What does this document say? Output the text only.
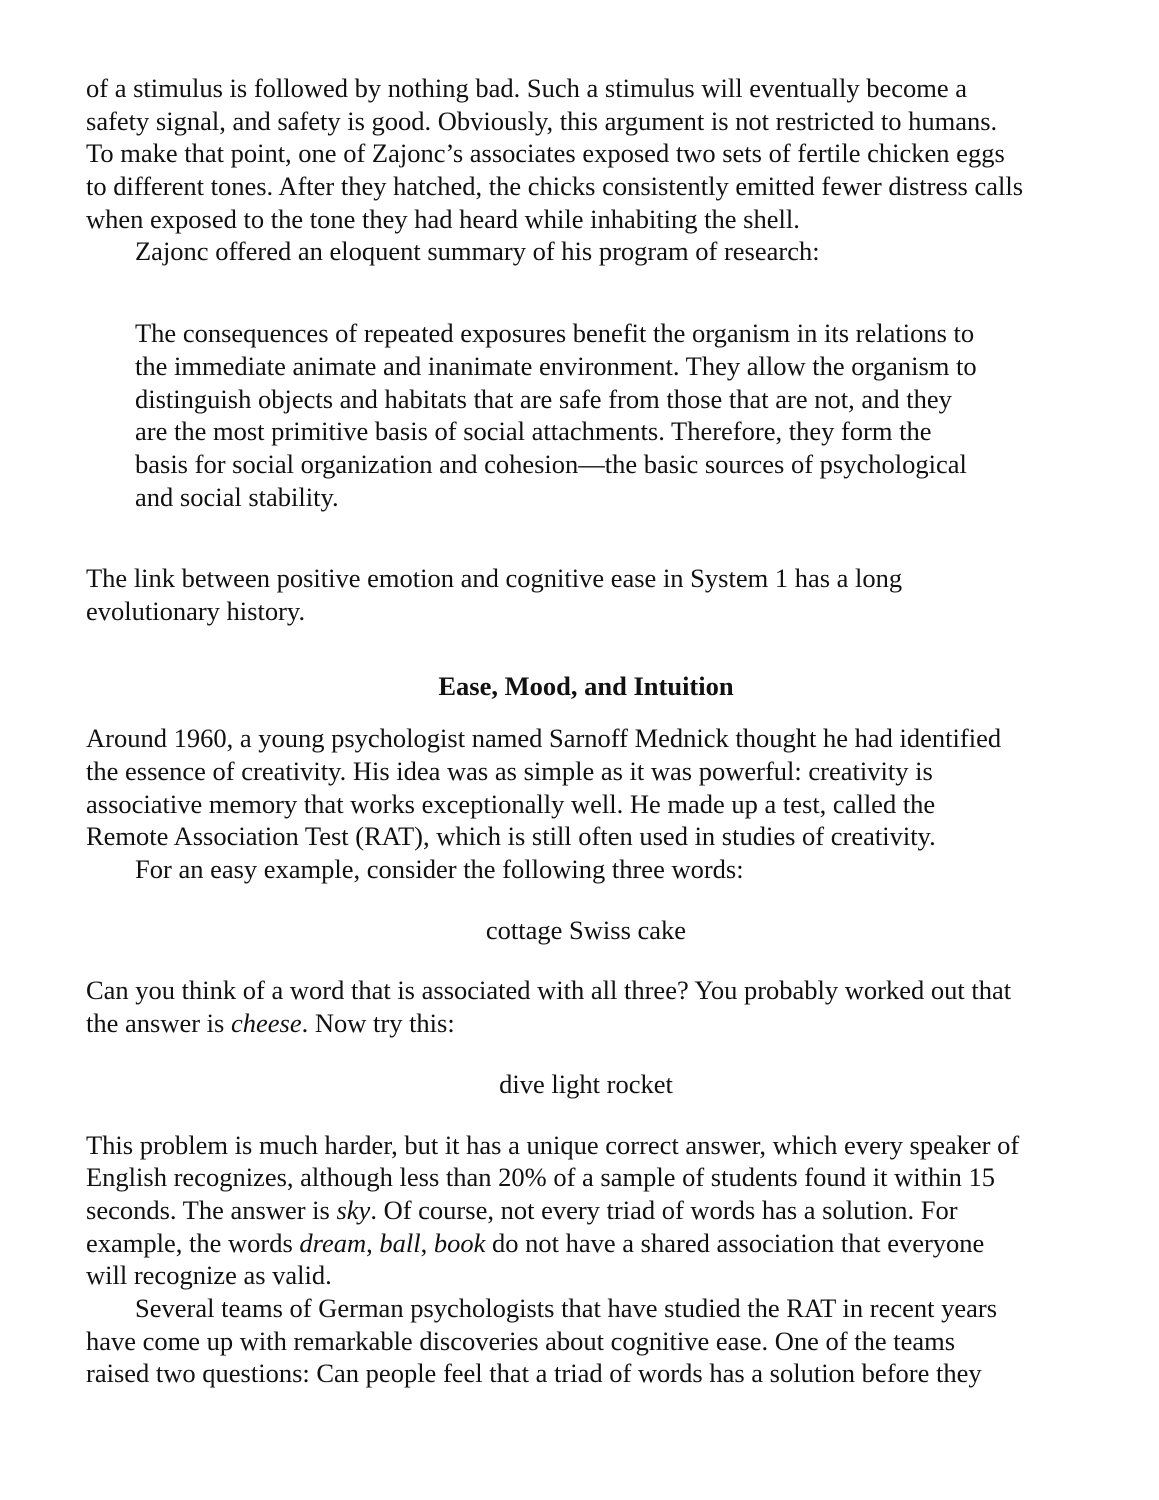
of a stimulus is followed by nothing bad. Such a stimulus will eventually become a
safety signal, and safety is good. Obviously, this argument is not restricted to humans.
To make that point, one of Zajonc’s associates exposed two sets of fertile chicken eggs
to different tones. After they hatched, the chicks consistently emitted fewer distress calls
when exposed to the tone they had heard while inhabiting the shell.
Zajonc offered an eloquent summary of his program of research:
The consequences of repeated exposures benefit the organism in its relations to
the immediate animate and inanimate environment. They allow the organism to
distinguish objects and habitats that are safe from those that are not, and they
are the most primitive basis of social attachments. Therefore, they form the
basis for social organization and cohesion—the basic sources of psychological
and social stability.
The link between positive emotion and cognitive ease in System 1 has a long
evolutionary history.
Ease, Mood, and Intuition
Around 1960, a young psychologist named Sarnoff Mednick thought he had identified
the essence of creativity. His idea was as simple as it was powerful: creativity is
associative memory that works exceptionally well. He made up a test, called the
Remote Association Test (RAT), which is still often used in studies of creativity.
For an easy example, consider the following three words:
cottage Swiss cake
Can you think of a word that is associated with all three? You probably worked out that
the answer is cheese. Now try this:
dive light rocket
This problem is much harder, but it has a unique correct answer, which every speaker of
English recognizes, although less than 20% of a sample of students found it within 15
seconds. The answer is sky. Of course, not every triad of words has a solution. For
example, the words dream, ball, book do not have a shared association that everyone
will recognize as valid.
Several teams of German psychologists that have studied the RAT in recent years
have come up with remarkable discoveries about cognitive ease. One of the teams
raised two questions: Can people feel that a triad of words has a solution before they
